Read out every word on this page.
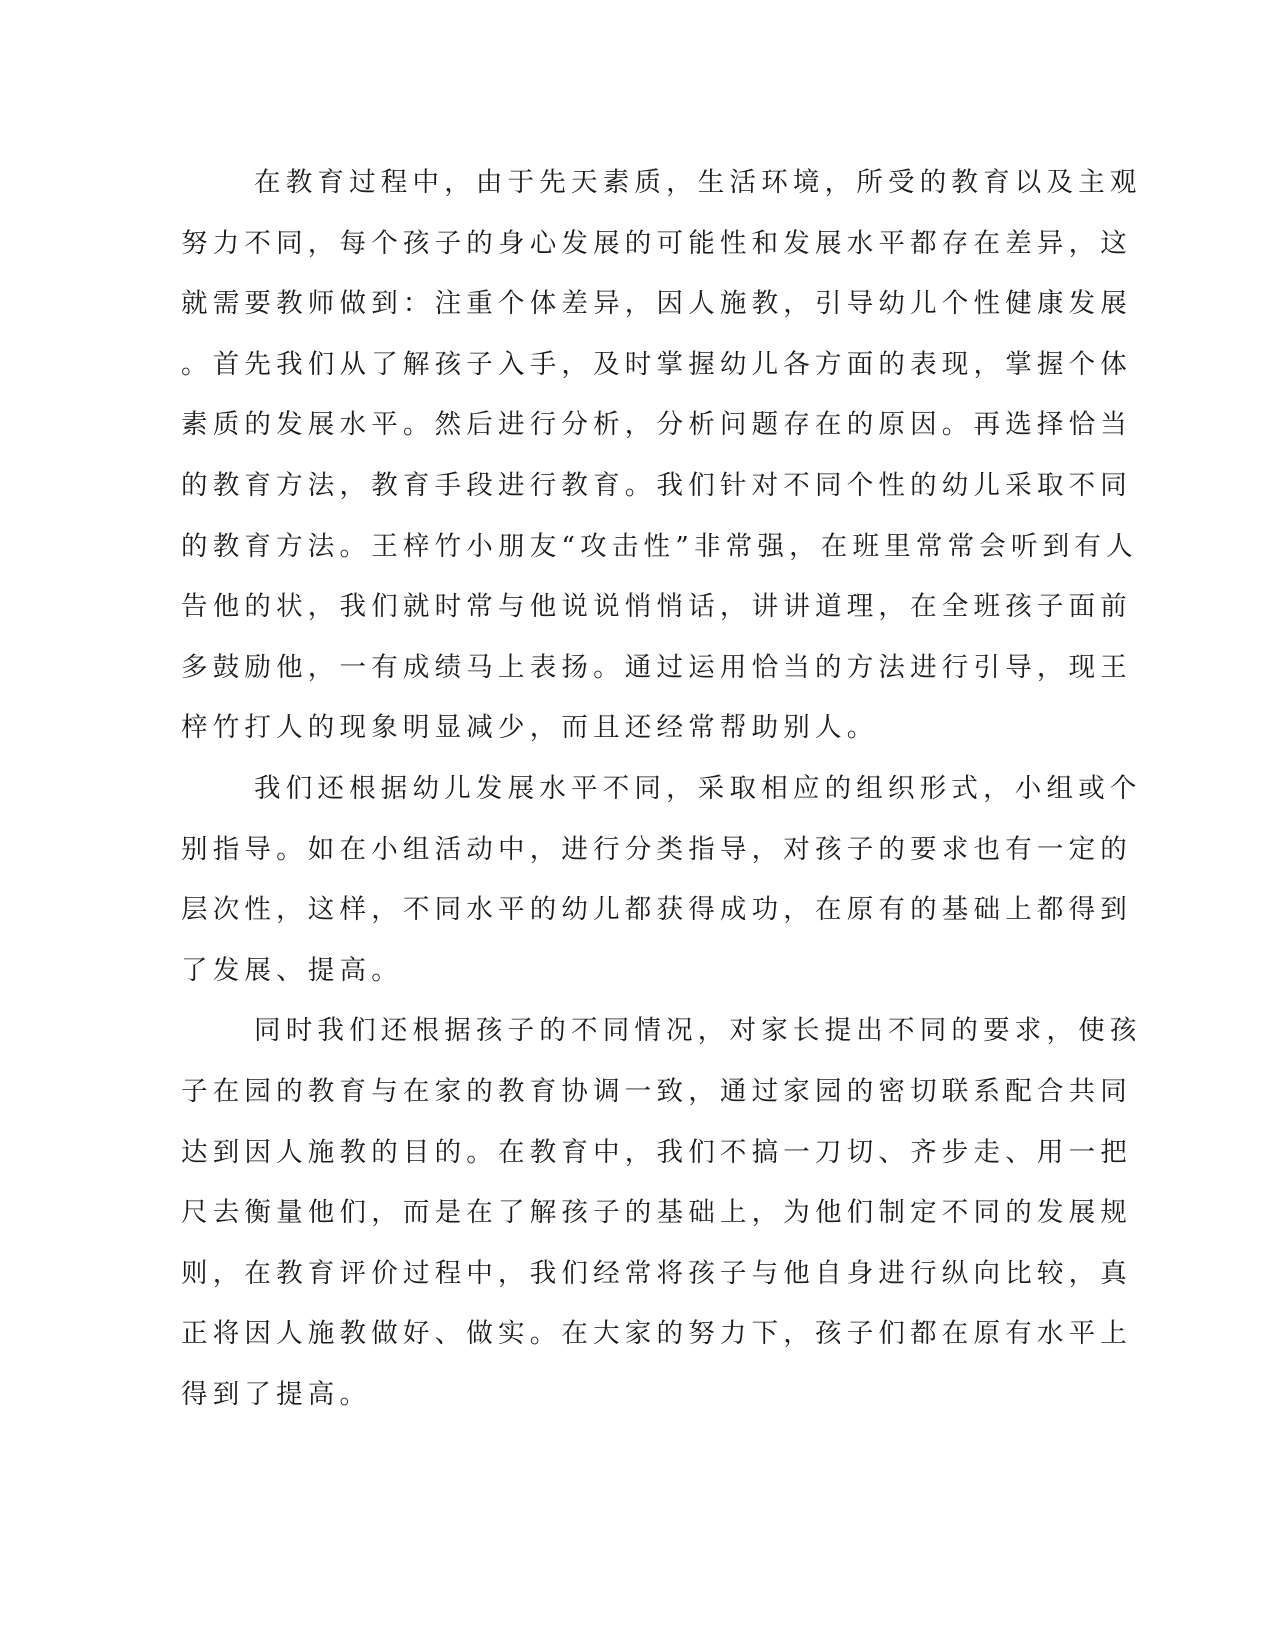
在教育过程中，由于先天素质，生活环境，所受的教育以及主观
努力不同，每个孩子的身心发展的可能性和发展水平都存在差异，这
就需要教师做到：注重个体差异，因人施教，引导幼儿个性健康发展
。首先我们从了解孩子入手，及时掌握幼儿各方面的表现，掌握个体
素质的发展水平。然后进行分析，分析问题存在的原因。再选择恰当
的教育方法，教育手段进行教育。我们针对不同个性的幼儿采取不同
的教育方法。王梓竹小朋友“攻击性”非常强，在班里常常会听到有人
告他的状，我们就时常与他说说悄悄话，讲讲道理，在全班孩子面前
多鼓励他，一有成绩马上表扬。通过运用恰当的方法进行引导，现王
梓竹打人的现象明显减少，而且还经常帮助别人。
我们还根据幼儿发展水平不同，采取相应的组织形式，小组或个
别指导。如在小组活动中，进行分类指导，对孩子的要求也有一定的
层次性，这样，不同水平的幼儿都获得成功，在原有的基础上都得到
了发展、提高。
同时我们还根据孩子的不同情况，对家长提出不同的要求，使孩
子在园的教育与在家的教育协调一致，通过家园的密切联系配合共同
达到因人施教的目的。在教育中，我们不搞一刀切、齐步走、用一把
尺去衡量他们，而是在了解孩子的基础上，为他们制定不同的发展规
则，在教育评价过程中，我们经常将孩子与他自身进行纵向比较，真
正将因人施教做好、做实。在大家的努力下，孩子们都在原有水平上
得到了提高。
